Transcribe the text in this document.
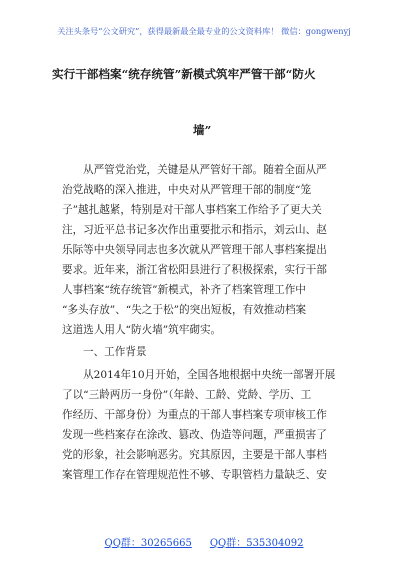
关注头条号“公文研究”，获得最新最全最专业的公文资料库！ 微信：gongwenyj
实行干部档案“统存统管”新模式筑牢严管干部“防火
墙”
从严管党治党，关键是从严管好干部。随着全面从严
治党战略的深入推进，中央对从严管理干部的制度“笼
子”越扎越紧，特别是对干部人事档案工作给予了更大关
注，习近平总书记多次作出重要批示和指示，刘云山、赵
乐际等中央领导同志也多次就从严管理干部人事档案提出
要求。近年来，浙江省松阳县进行了积极探索，实行干部
人事档案“统存统管”新模式，补齐了档案管理工作中
“多头存放”、“失之于松”的突出短板，有效推动档案
这道选人用人“防火墙”筑牢砌实。
一、工作背景
从2014年10月开始，全国各地根据中央统一部署开展
了以“三龄两历一身份”（年龄、工龄、党龄、学历、工
作经历、干部身份）为重点的干部人事档案专项审核工作
发现一些档案存在涂改、篡改、伪造等问题，严重损害了
党的形象，社会影响恶劣。究其原因，主要是干部人事档
案管理工作存在管理规范性不够、专职管档力量缺乏、安
QQ群：30265665 QQ群：535304092
